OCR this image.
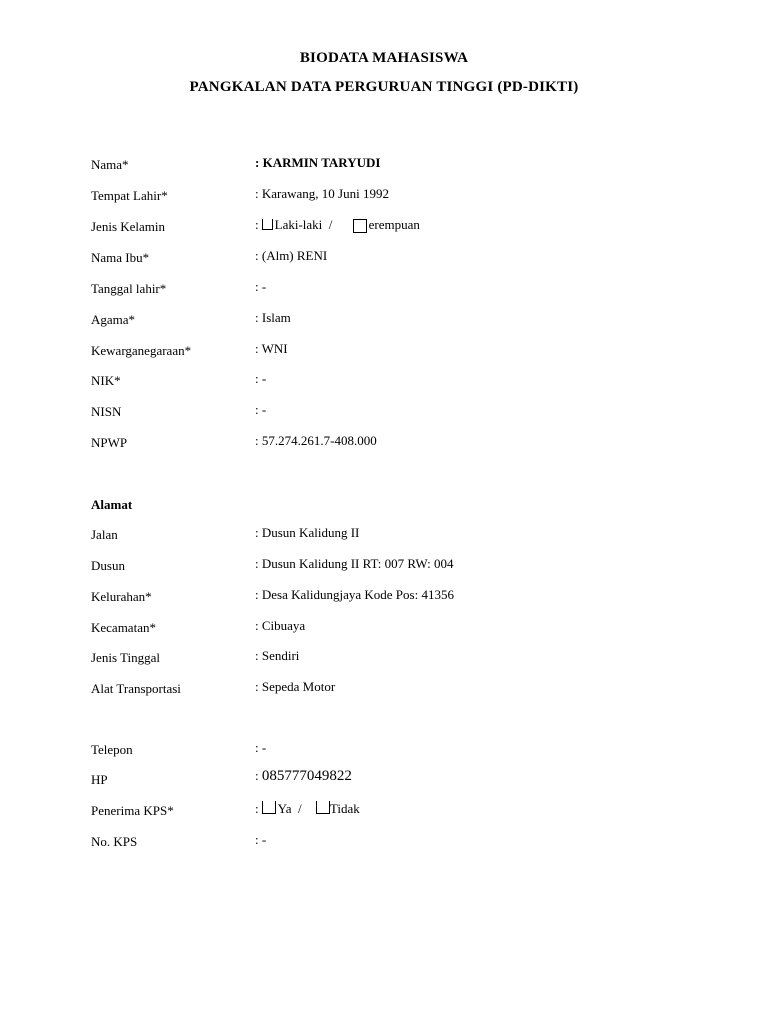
BIODATA MAHASISWA
PANGKALAN DATA PERGURUAN TINGGI (PD-DIKTI)
Nama*	: KARMIN TARYUDI
Tempat Lahir*	: Karawang, 10 Juni 1992
Jenis Kelamin	: Laki-laki /	erempuan
Nama Ibu*	: (Alm) RENI
Tanggal lahir*	: -
Agama*	: Islam
Kewarganegaraan*	: WNI
NIK*	: -
NISN	: -
NPWP	: 57.274.261.7-408.000
Alamat
Jalan	: Dusun Kalidung II
Dusun	: Dusun Kalidung II RT: 007 RW: 004
Kelurahan*	: Desa Kalidungjaya Kode Pos: 41356
Kecamatan*	: Cibuaya
Jenis Tinggal	: Sendiri
Alat Transportasi	: Sepeda Motor
Telepon	: -
HP	: 085777049822
Penerima KPS*	: Ya / Tidak
No. KPS	: -
